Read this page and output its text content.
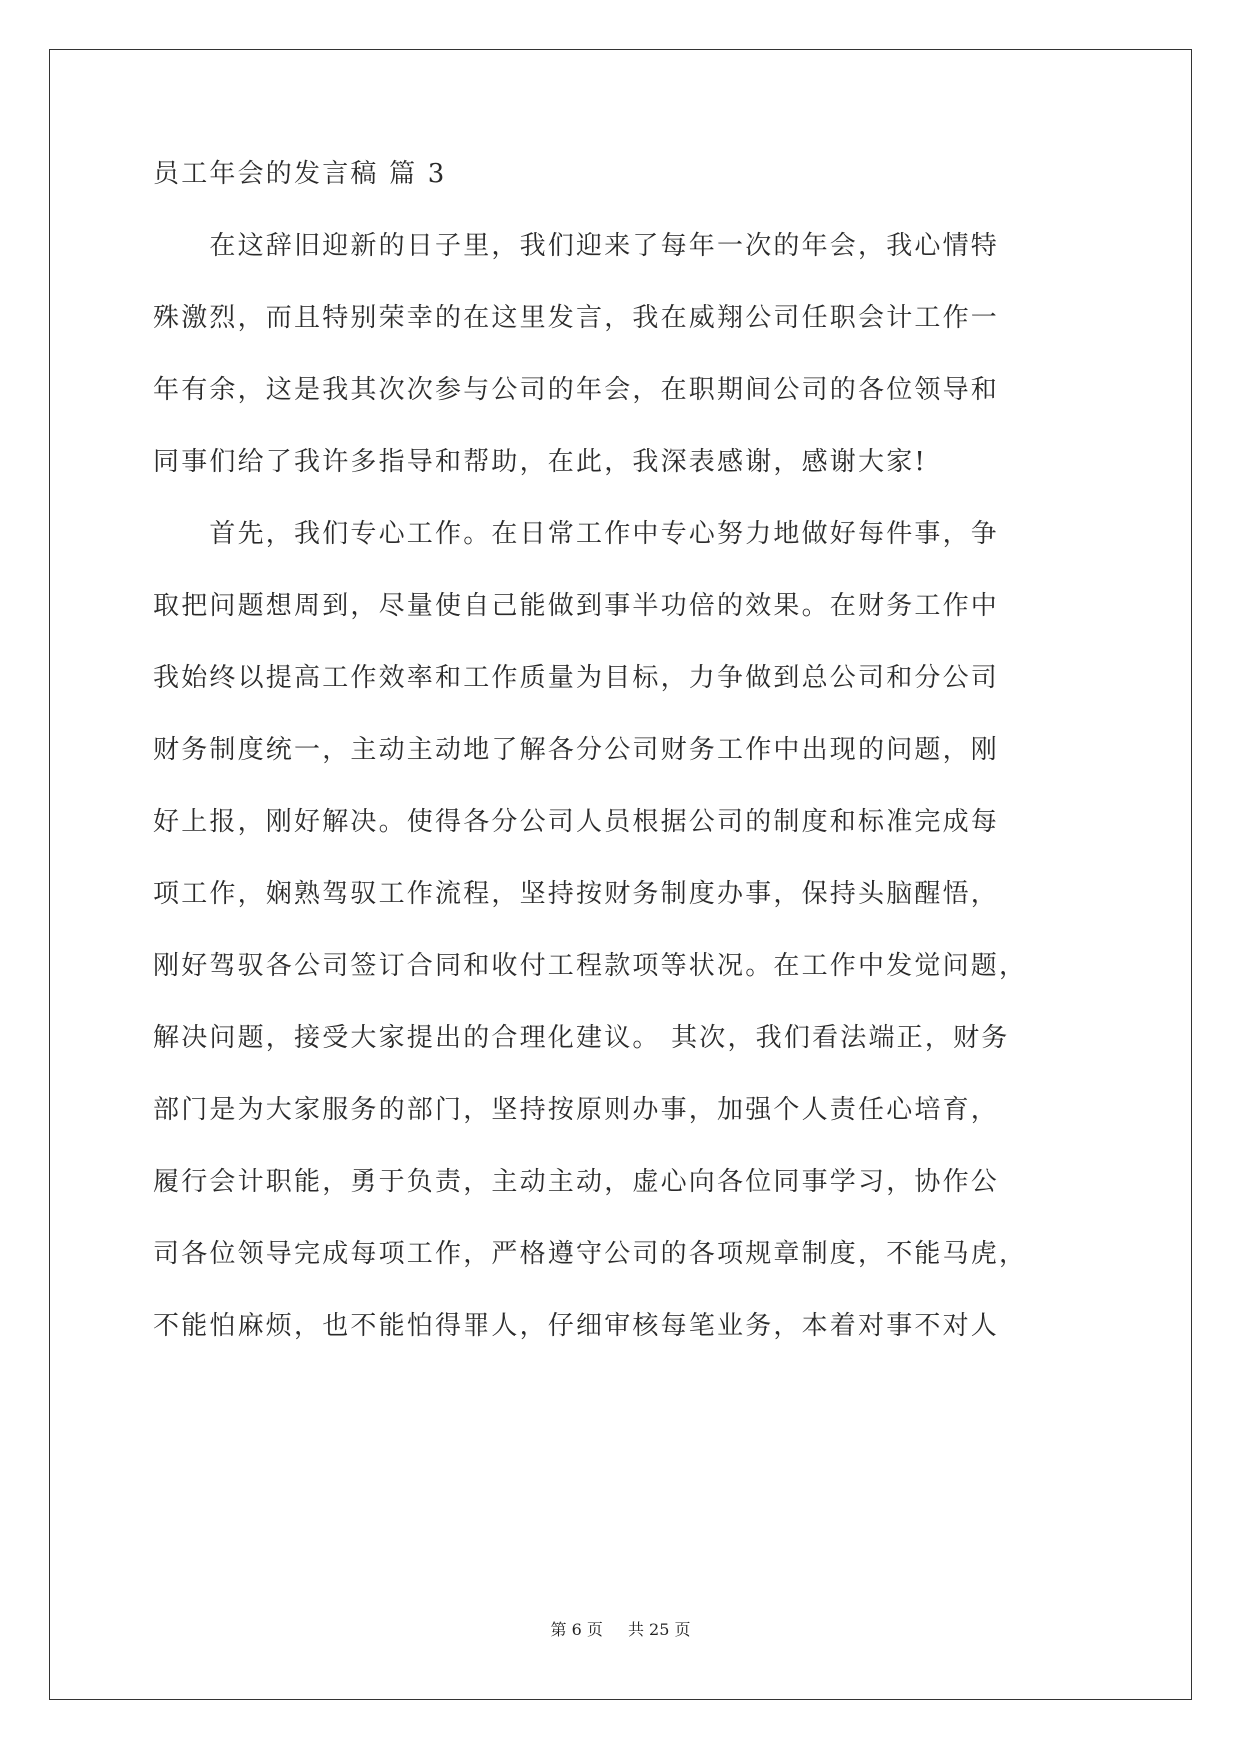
员工年会的发言稿 篇 3
　　在这辞旧迎新的日子里，我们迎来了每年一次的年会，我心情特
殊激烈，而且特别荣幸的在这里发言，我在威翔公司任职会计工作一
年有余，这是我其次次参与公司的年会，在职期间公司的各位领导和
同事们给了我许多指导和帮助，在此，我深表感谢，感谢大家!
　　首先，我们专心工作。在日常工作中专心努力地做好每件事，争
取把问题想周到，尽量使自己能做到事半功倍的效果。在财务工作中
我始终以提高工作效率和工作质量为目标，力争做到总公司和分公司
财务制度统一，主动主动地了解各分公司财务工作中出现的问题，刚
好上报，刚好解决。使得各分公司人员根据公司的制度和标准完成每
项工作，娴熟驾驭工作流程，坚持按财务制度办事，保持头脑醒悟，
刚好驾驭各公司签订合同和收付工程款项等状况。在工作中发觉问题，
解决问题，接受大家提出的合理化建议。 其次，我们看法端正，财务
部门是为大家服务的部门，坚持按原则办事，加强个人责任心培育，
履行会计职能，勇于负责，主动主动，虚心向各位同事学习，协作公
司各位领导完成每项工作，严格遵守公司的各项规章制度，不能马虎，
不能怕麻烦，也不能怕得罪人，仔细审核每笔业务，本着对事不对人
第 6 页 共 25 页
